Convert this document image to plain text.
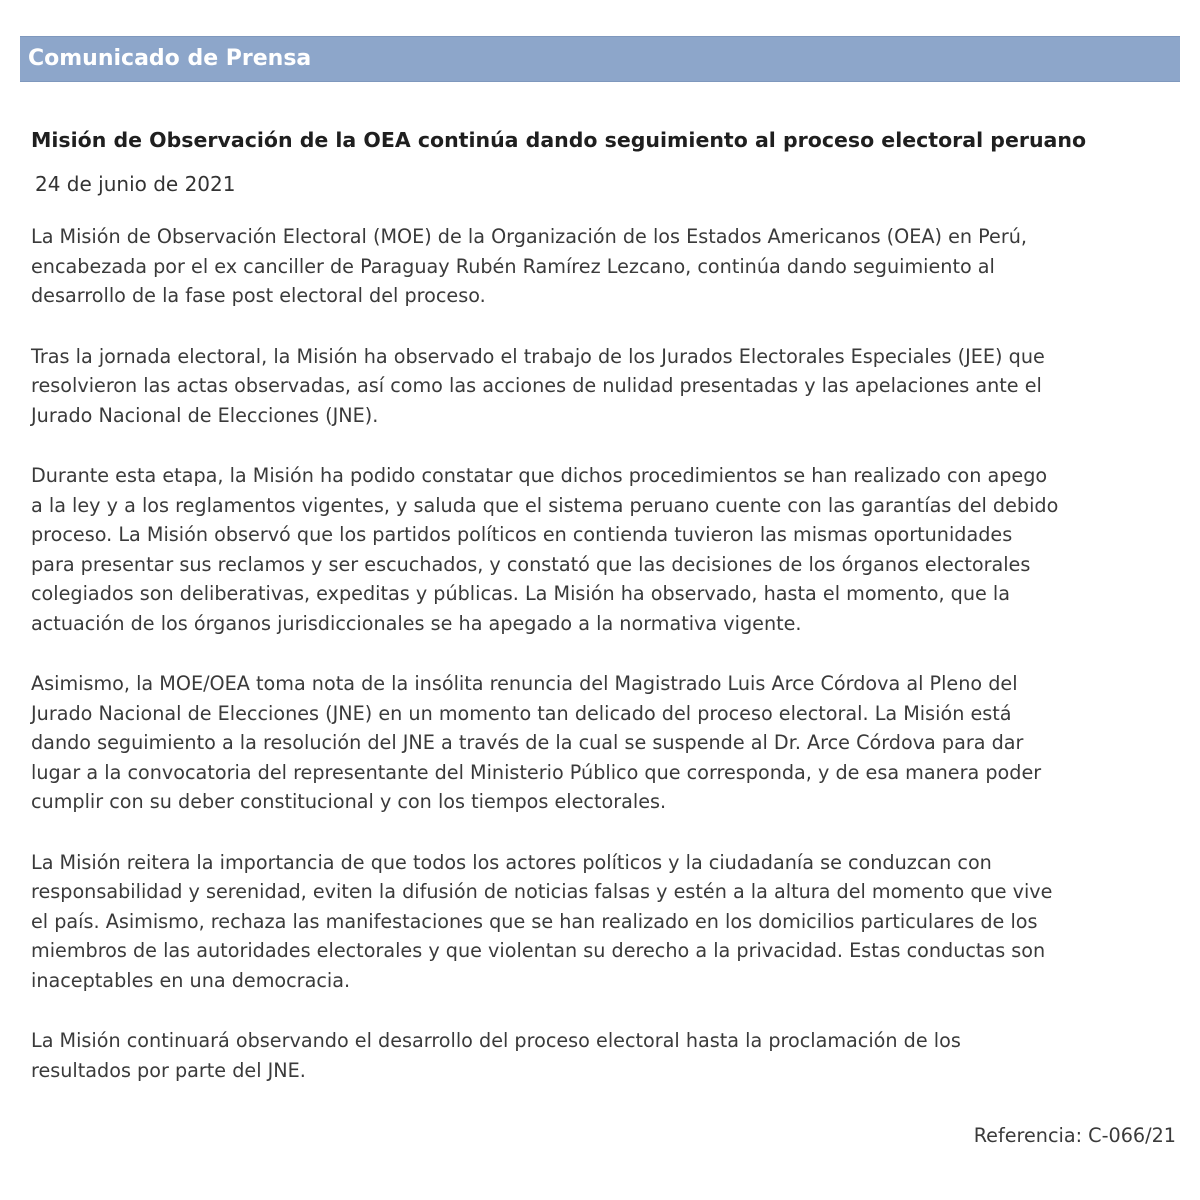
Comunicado de Prensa
Misión de Observación de la OEA continúa dando seguimiento al proceso electoral peruano
24 de junio de 2021

La Misión de Observación Electoral (MOE) de la Organización de los Estados Americanos (OEA) en Perú,
encabezada por el ex canciller de Paraguay Rubén Ramírez Lezcano, continúa dando seguimiento al
desarrollo de la fase post electoral del proceso.

Tras la jornada electoral, la Misión ha observado el trabajo de los Jurados Electorales Especiales (JEE) que
resolvieron las actas observadas, así como las acciones de nulidad presentadas y las apelaciones ante el
Jurado Nacional de Elecciones (JNE).

Durante esta etapa, la Misión ha podido constatar que dichos procedimientos se han realizado con apego
a la ley y a los reglamentos vigentes, y saluda que el sistema peruano cuente con las garantías del debido
proceso. La Misión observó que los partidos políticos en contienda tuvieron las mismas oportunidades
para presentar sus reclamos y ser escuchados, y constató que las decisiones de los órganos electorales
colegiados son deliberativas, expeditas y públicas. La Misión ha observado, hasta el momento, que la
actuación de los órganos jurisdiccionales se ha apegado a la normativa vigente.

Asimismo, la MOE/OEA toma nota de la insólita renuncia del Magistrado Luis Arce Córdova al Pleno del
Jurado Nacional de Elecciones (JNE) en un momento tan delicado del proceso electoral. La Misión está
dando seguimiento a la resolución del JNE a través de la cual se suspende al Dr. Arce Córdova para dar
lugar a la convocatoria del representante del Ministerio Público que corresponda, y de esa manera poder
cumplir con su deber constitucional y con los tiempos electorales.

La Misión reitera la importancia de que todos los actores políticos y la ciudadanía se conduzcan con
responsabilidad y serenidad, eviten la difusión de noticias falsas y estén a la altura del momento que vive
el país. Asimismo, rechaza las manifestaciones que se han realizado en los domicilios particulares de los
miembros de las autoridades electorales y que violentan su derecho a la privacidad. Estas conductas son
inaceptables en una democracia.

La Misión continuará observando el desarrollo del proceso electoral hasta la proclamación de los
resultados por parte del JNE.

Referencia: C-066/21
